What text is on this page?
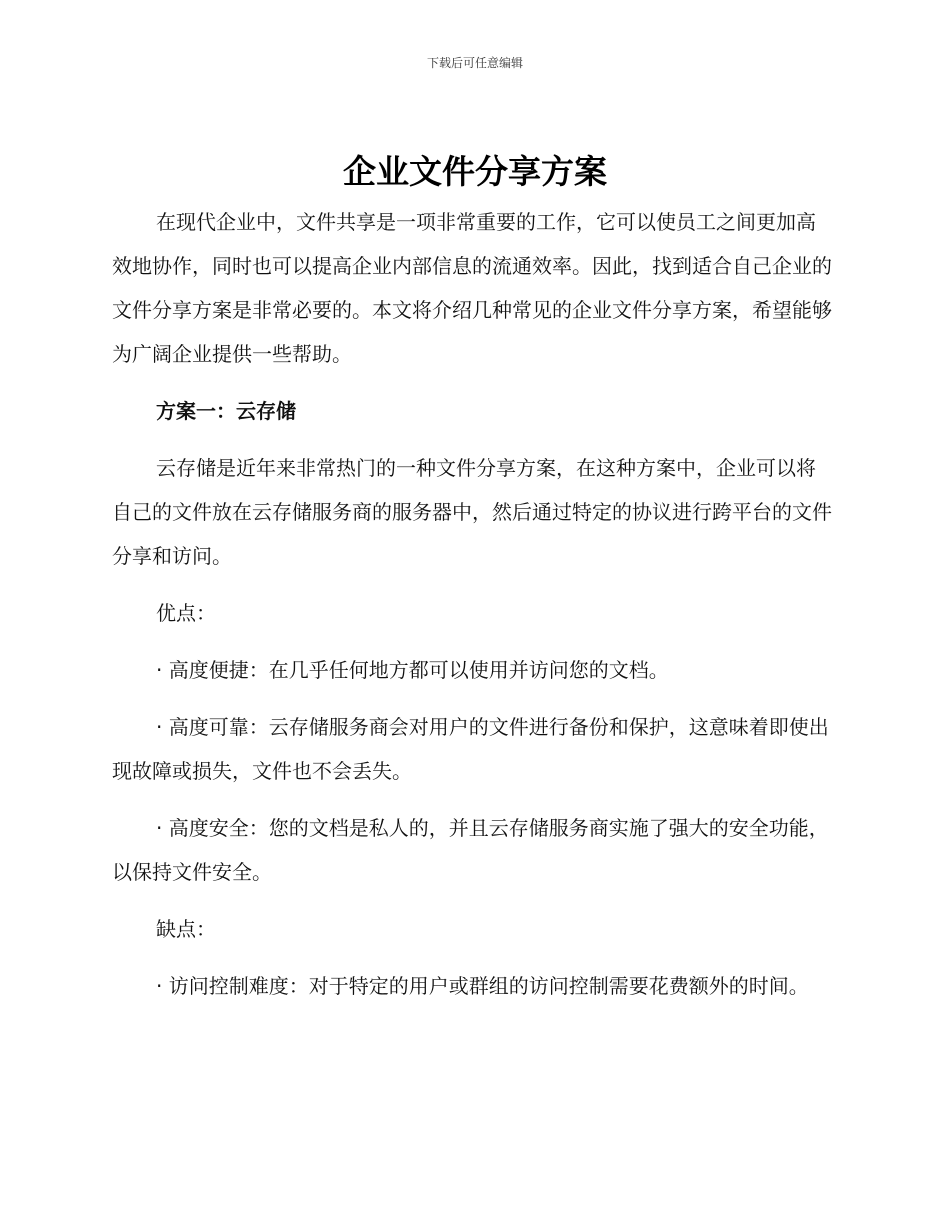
下载后可任意编辑
企业文件分享方案

在现代企业中，文件共享是一项非常重要的工作，它可以使员工之间更加高效地协作，同时也可以提高企业内部信息的流通效率。因此，找到适合自己企业的文件分享方案是非常必要的。本文将介绍几种常见的企业文件分享方案，希望能够为广阔企业提供一些帮助。

方案一：云存储

云存储是近年来非常热门的一种文件分享方案，在这种方案中，企业可以将自己的文件放在云存储服务商的服务器中，然后通过特定的协议进行跨平台的文件分享和访问。

优点：

· 高度便捷：在几乎任何地方都可以使用并访问您的文档。

· 高度可靠：云存储服务商会对用户的文件进行备份和保护，这意味着即使出现故障或损失，文件也不会丢失。

· 高度安全：您的文档是私人的，并且云存储服务商实施了强大的安全功能，以保持文件安全。

缺点：

· 访问控制难度：对于特定的用户或群组的访问控制需要花费额外的时间。
